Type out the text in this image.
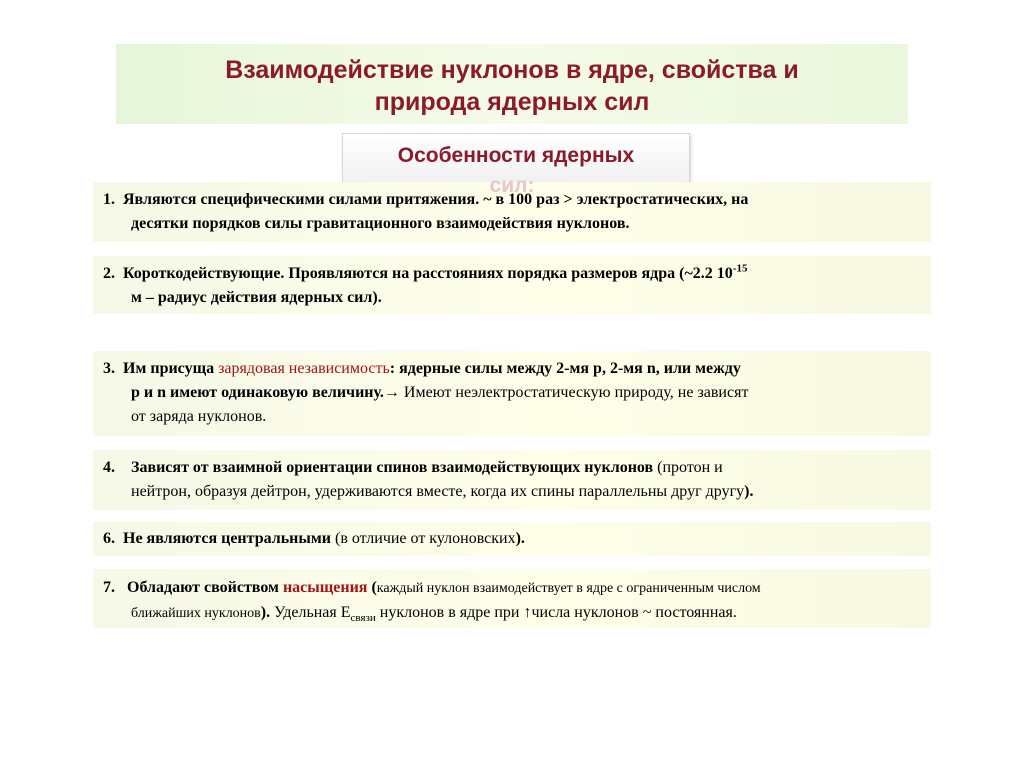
Взаимодействие нуклонов в ядре, свойства и
природа ядерных сил
Особенности ядерных
сил:
1. Являются специфическими силами притяжения. ~ в 100 раз > электростатических, на
десятки порядков силы гравитационного взаимодействия нуклонов.
2. Короткодействующие. Проявляются на расстояниях порядка размеров ядра (~2.2 $10^{-15}$
м – радиус действия ядерных сил).
3. Им присуща зарядовая независимость: ядерные силы между 2-мя р, 2-мя n, или между
р и n имеют одинаковую величину.→ Имеют неэлектростатическую природу, не зависят
от заряда нуклонов.
4. Зависят от взаимной ориентации спинов взаимодействующих нуклонов (протон и
нейтрон, образуя дейтрон, удерживаются вместе, когда их спины параллельны друг другу).
6. Не являются центральными (в отличие от кулоновских).
7. Обладают свойством насыщения (каждый нуклон взаимодействует в ядре с ограниченным числом
ближайших нуклонов). Удельная $Е_{связи}$ нуклонов в ядре при ↑числа нуклонов ~ постоянная.
